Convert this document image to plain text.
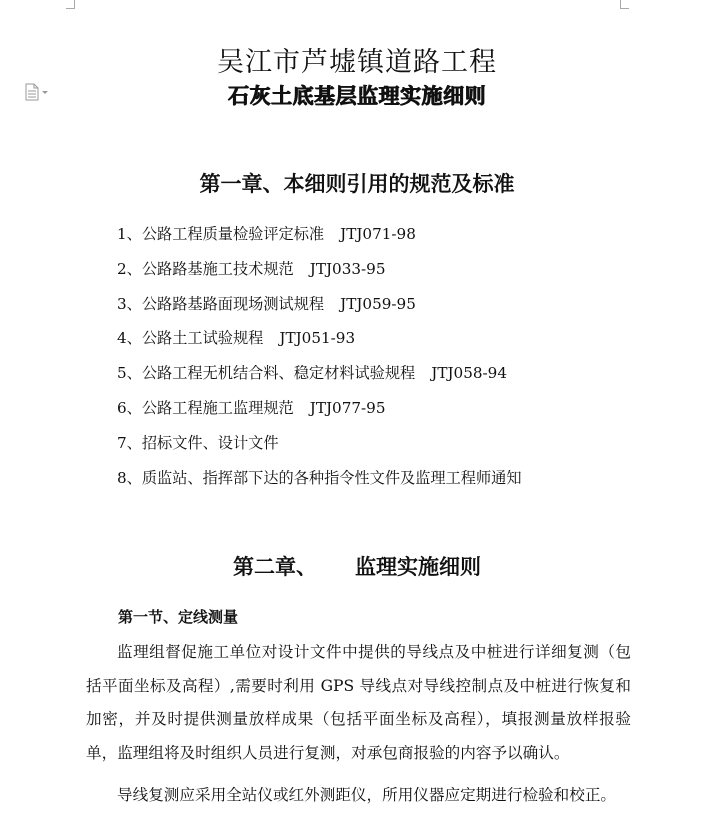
吴江市芦墟镇道路工程
石灰土底基层监理实施细则
第一章、本细则引用的规范及标准
1、公路工程质量检验评定标准 JTJ071-98
2、公路路基施工技术规范 JTJ033-95
3、公路路基路面现场测试规程 JTJ059-95
4、公路土工试验规程 JTJ051-93
5、公路工程无机结合料、稳定材料试验规程 JTJ058-94
6、公路工程施工监理规范 JTJ077-95
7、招标文件、设计文件
8、质监站、指挥部下达的各种指令性文件及监理工程师通知
第二章、 监理实施细则
第一节、定线测量

监理组督促施工单位对设计文件中提供的导线点及中桩进行详细复测（包括平面坐标及高程）,需要时利用 GPS 导线点对导线控制点及中桩进行恢复和加密，并及时提供测量放样成果（包括平面坐标及高程），填报测量放样报验单，监理组将及时组织人员进行复测，对承包商报验的内容予以确认。

导线复测应采用全站仪或红外测距仪，所用仪器应定期进行检验和校正。
